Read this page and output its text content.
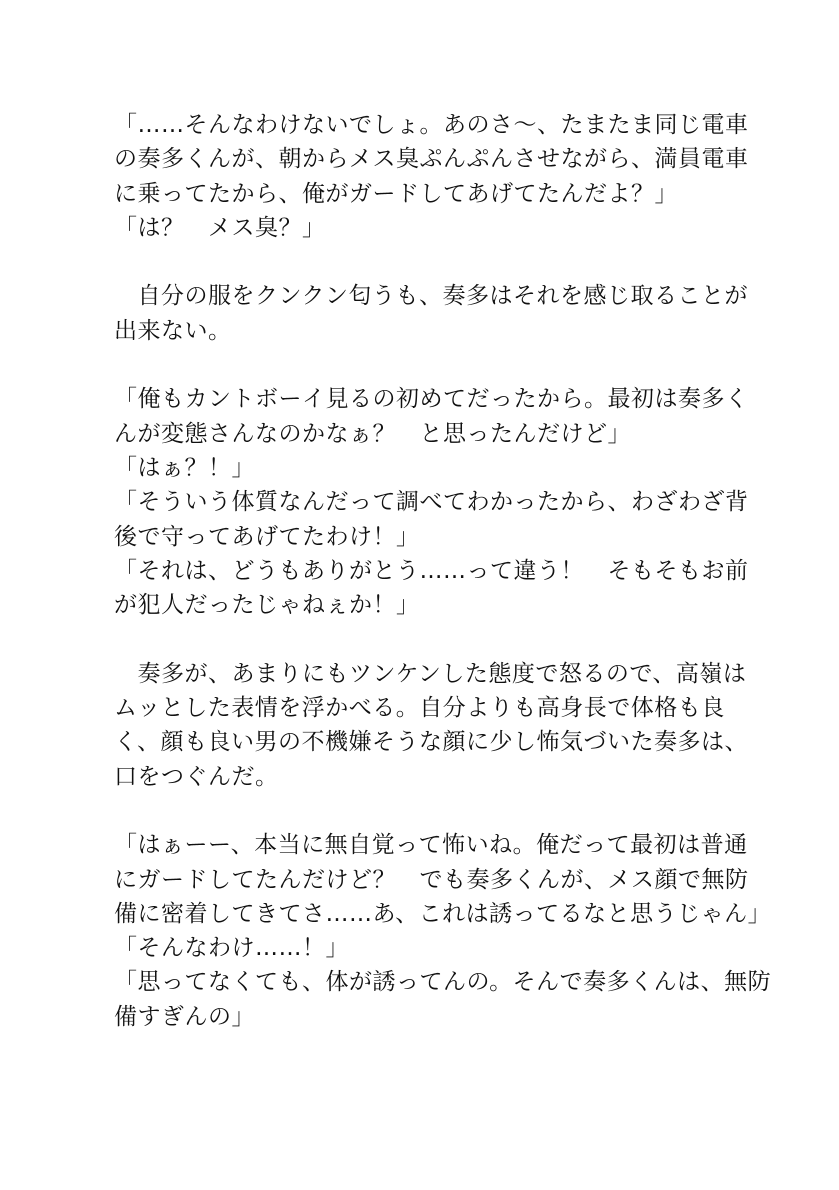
「……そんなわけないでしょ。あのさ〜、たまたま同じ電車
の奏多くんが、朝からメス臭ぷんぷんさせながら、満員電車
に乗ってたから、俺がガードしてあげてたんだよ？」
「は？　メス臭？」
　自分の服をクンクン匂うも、奏多はそれを感じ取ることが
出来ない。
「俺もカントボーイ見るの初めてだったから。最初は奏多く
んが変態さんなのかなぁ？　と思ったんだけど」
「はぁ？！」
「そういう体質なんだって調べてわかったから、わざわざ背
後で守ってあげてたわけ！」
「それは、どうもありがとう……って違う！　そもそもお前
が犯人だったじゃねぇか！」
　奏多が、あまりにもツンケンした態度で怒るので、高嶺は
ムッとした表情を浮かべる。自分よりも高身長で体格も良
く、顔も良い男の不機嫌そうな顔に少し怖気づいた奏多は、
口をつぐんだ。
「はぁーー、本当に無自覚って怖いね。俺だって最初は普通
にガードしてたんだけど？　でも奏多くんが、メス顔で無防
備に密着してきてさ……あ、これは誘ってるなと思うじゃん」
「そんなわけ……！」
「思ってなくても、体が誘ってんの。そんで奏多くんは、無防
備すぎんの」
